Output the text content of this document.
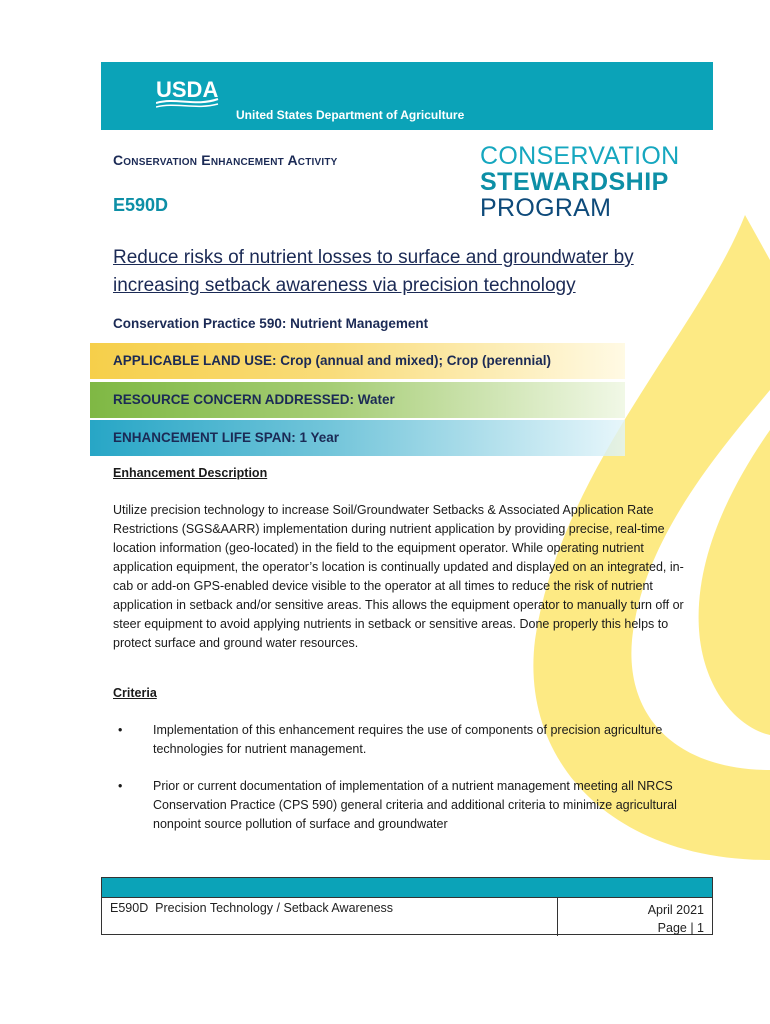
USDA
United States Department of Agriculture
Conservation Enhancement Activity
E590D
CONSERVATION
STEWARDSHIP
PROGRAM
Reduce risks of nutrient losses to surface and groundwater by increasing setback awareness via precision technology
Conservation Practice 590: Nutrient Management
APPLICABLE LAND USE: Crop (annual and mixed); Crop (perennial)
RESOURCE CONCERN ADDRESSED: Water
ENHANCEMENT LIFE SPAN: 1 Year
Enhancement Description
Utilize precision technology to increase Soil/Groundwater Setbacks & Associated Application Rate Restrictions (SGS&AARR) implementation during nutrient application by providing precise, real-time location information (geo-located) in the field to the equipment operator. While operating nutrient application equipment, the operator’s location is continually updated and displayed on an integrated, in-cab or add-on GPS-enabled device visible to the operator at all times to reduce the risk of nutrient application in setback and/or sensitive areas. This allows the equipment operator to manually turn off or steer equipment to avoid applying nutrients in setback or sensitive areas. Done properly this helps to protect surface and ground water resources.
Criteria
• Implementation of this enhancement requires the use of components of precision agriculture technologies for nutrient management.
• Prior or current documentation of implementation of a nutrient management meeting all NRCS Conservation Practice (CPS 590) general criteria and additional criteria to minimize agricultural nonpoint source pollution of surface and groundwater
E590D  Precision Technology / Setback Awareness	April 2021
Page | 1
